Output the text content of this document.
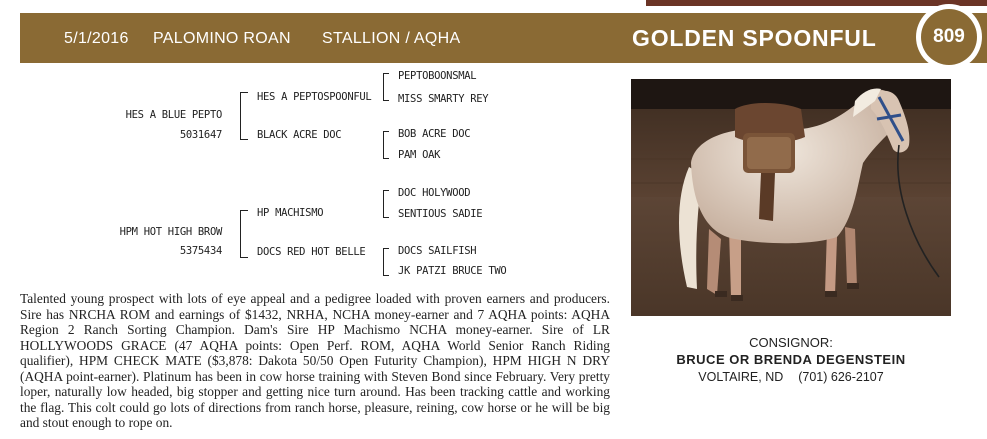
5/1/2016 PALOMINO ROAN STALLION / AQHA	GOLDEN SPOONFUL	809
HES A BLUE PEPTO
5031647
HES A PEPTOSPOONFUL
BLACK ACRE DOC
PEPTOBOONSMAL
MISS SMARTY REY
BOB ACRE DOC
PAM OAK
HPM HOT HIGH BROW
5375434
HP MACHISMO
DOCS RED HOT BELLE
DOC HOLYWOOD
SENTIOUS SADIE
DOCS SAILFISH
JK PATZI BRUCE TWO
Talented young prospect with lots of eye appeal and a pedigree loaded with proven earners and producers. Sire has NRCHA ROM and earnings of $1432, NRHA, NCHA money-earner and 7 AQHA points: AQHA Region 2 Ranch Sorting Champion. Dam's Sire HP Machismo NCHA money-earner. Sire of LR HOLLYWOODS GRACE (47 AQHA points: Open Perf. ROM, AQHA World Senior Ranch Riding qualifier), HPM CHECK MATE ($3,878: Dakota 50/50 Open Futurity Champion), HPM HIGH N DRY (AQHA point-earner). Platinum has been in cow horse training with Steven Bond since February. Very pretty loper, naturally low headed, big stopper and getting nice turn around. Has been tracking cattle and working the flag. This colt could go lots of directions from ranch horse, pleasure, reining, cow horse or he will be big and stout enough to rope on.
CONSIGNOR:
BRUCE OR BRENDA DEGENSTEIN
VOLTAIRE, ND (701) 626-2107
